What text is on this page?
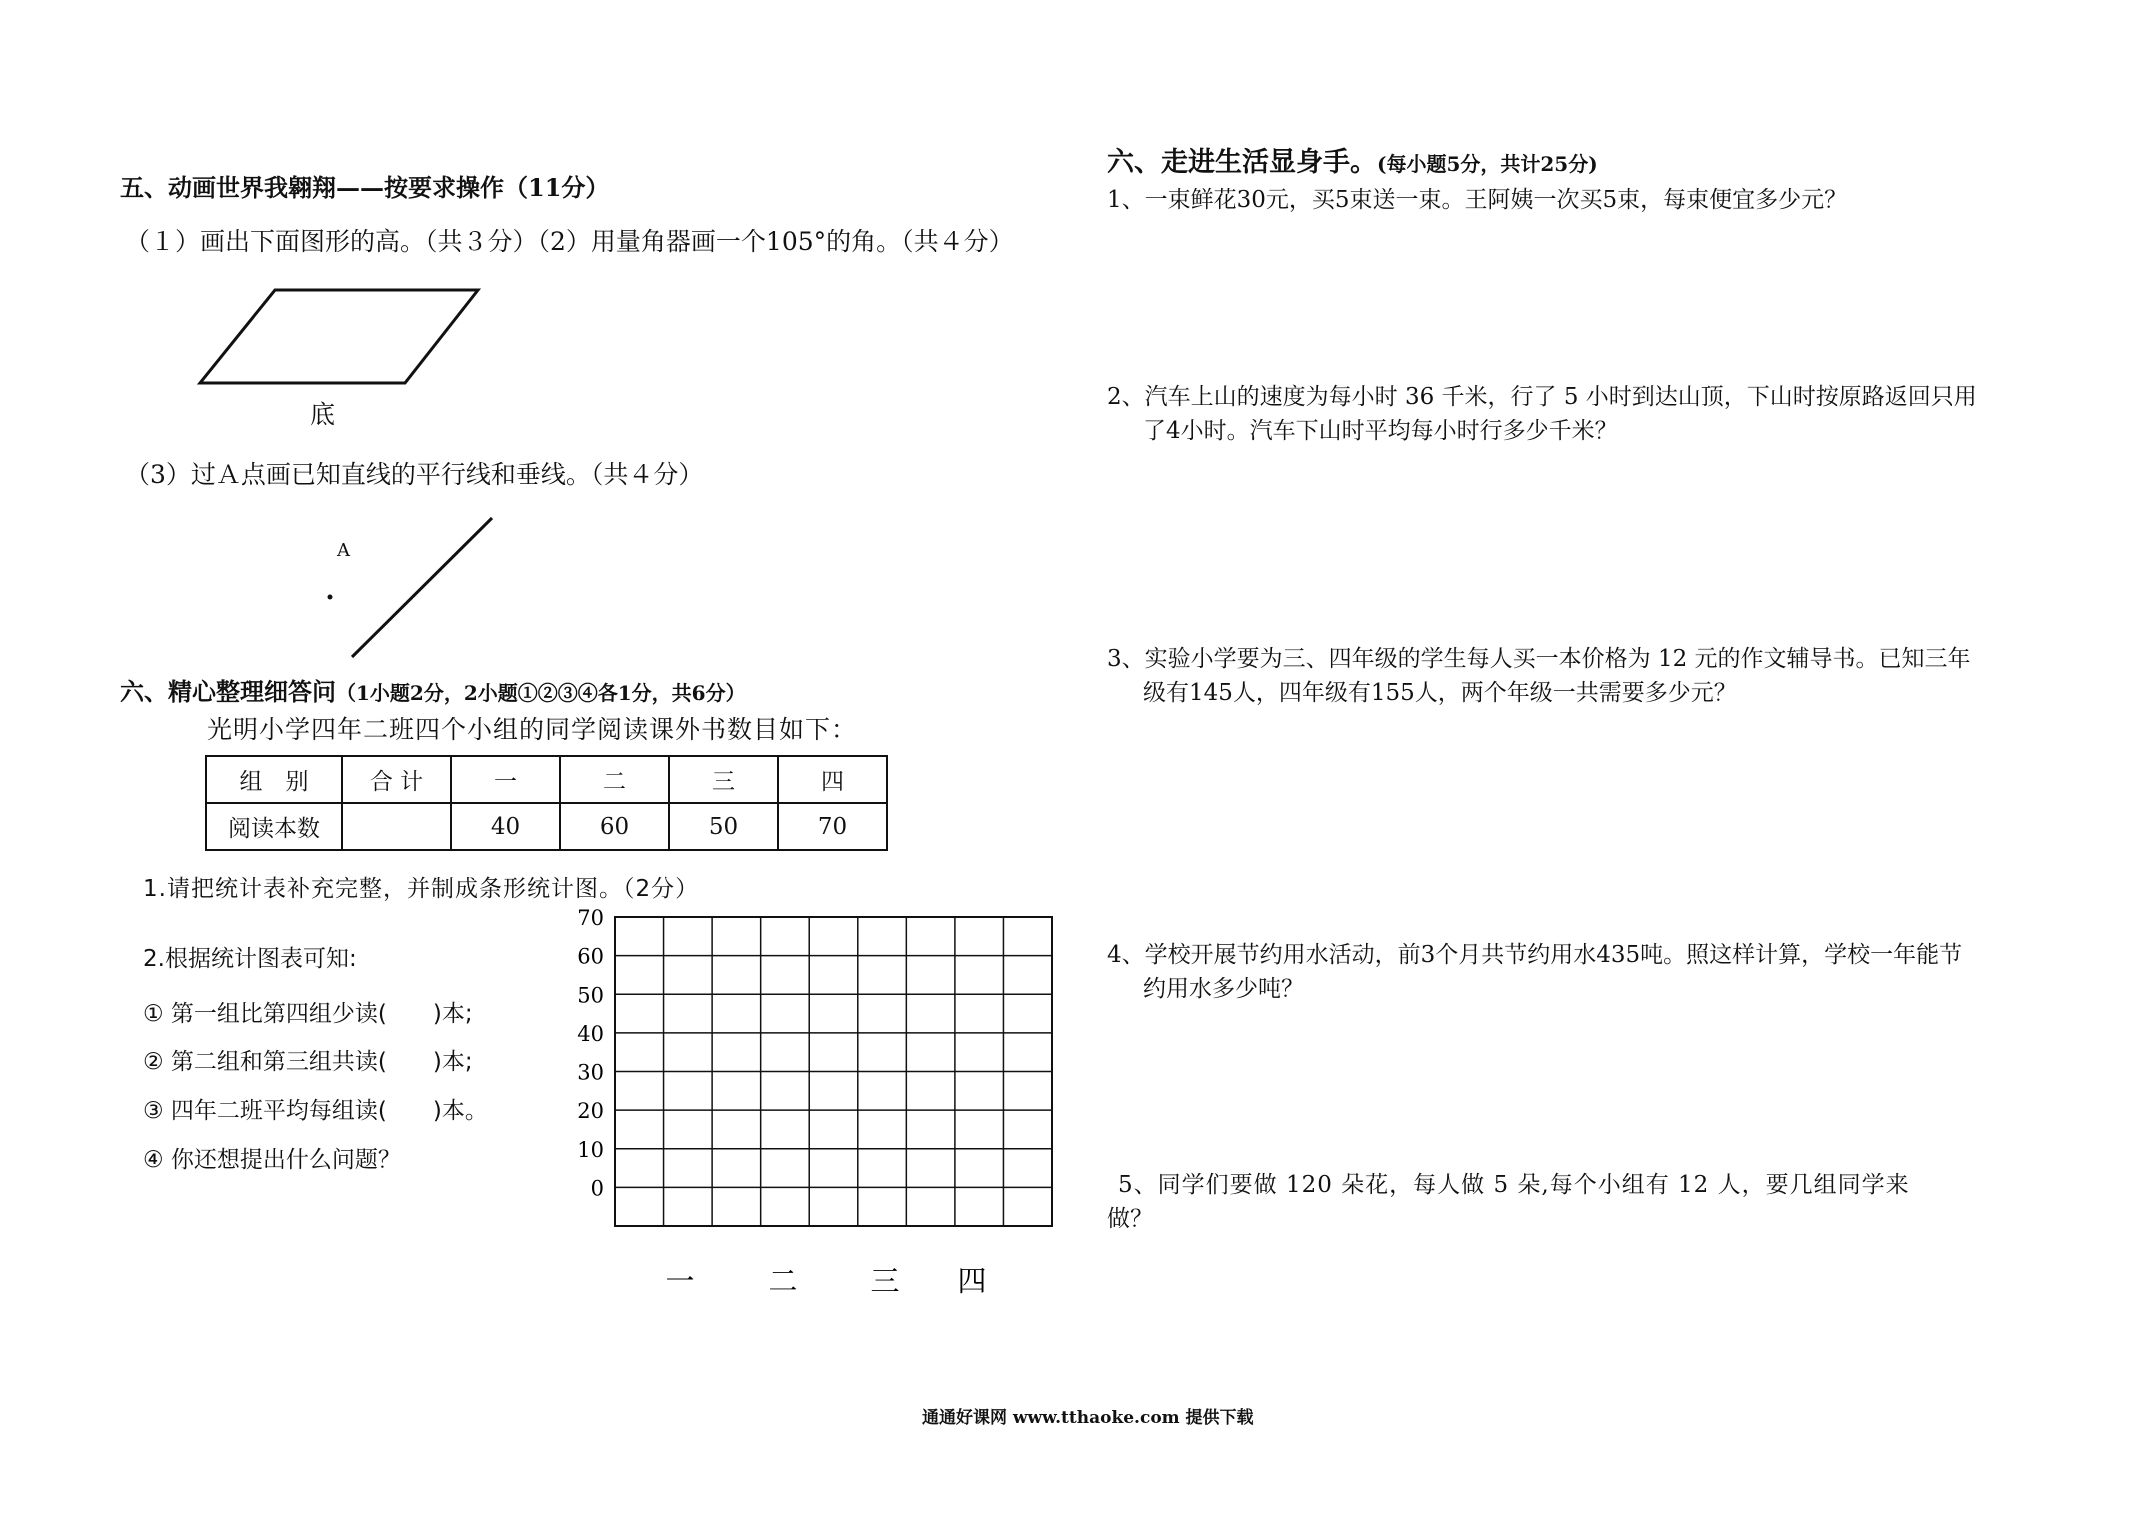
五、动画世界我翱翔——按要求操作（11分）
（１）画出下面图形的高。（共３分）（2）用量角器画一个105°的角。（共４分）
底
（3）过Ａ点画已知直线的平行线和垂线。（共４分）
A
六、精心整理细答问（1小题2分，2小题①②③④各1分，共6分）
光明小学四年二班四个小组的同学阅读课外书数目如下：
组　别	合 计	一	二	三	四
阅读本数		40	60	50	70
1.请把统计表补充完整，并制成条形统计图。（2分）
2.根据统计图表可知:
① 第一组比第四组少读(　　)本;
② 第二组和第三组共读(　　)本;
③ 四年二班平均每组读(　　)本。
④ 你还想提出什么问题？
70
60
50
40
30
20
10
0
一	二	三 四
六、走进生活显身手。(每小题5分，共计25分)
1、一束鲜花30元，买5束送一束。王阿姨一次买5束，每束便宜多少元？
2、汽车上山的速度为每小时 36 千米，行了 5 小时到达山顶，下山时按原路返回只用
了4小时。汽车下山时平均每小时行多少千米？
3、实验小学要为三、四年级的学生每人买一本价格为 12 元的作文辅导书。已知三年
级有145人，四年级有155人，两个年级一共需要多少元？
4、学校开展节约用水活动，前3个月共节约用水435吨。照这样计算，学校一年能节
约用水多少吨？
5、同学们要做 120 朵花，每人做 5 朵,每个小组有 12 人，要几组同学来
做？
通通好课网 www.tthaoke.com 提供下载
